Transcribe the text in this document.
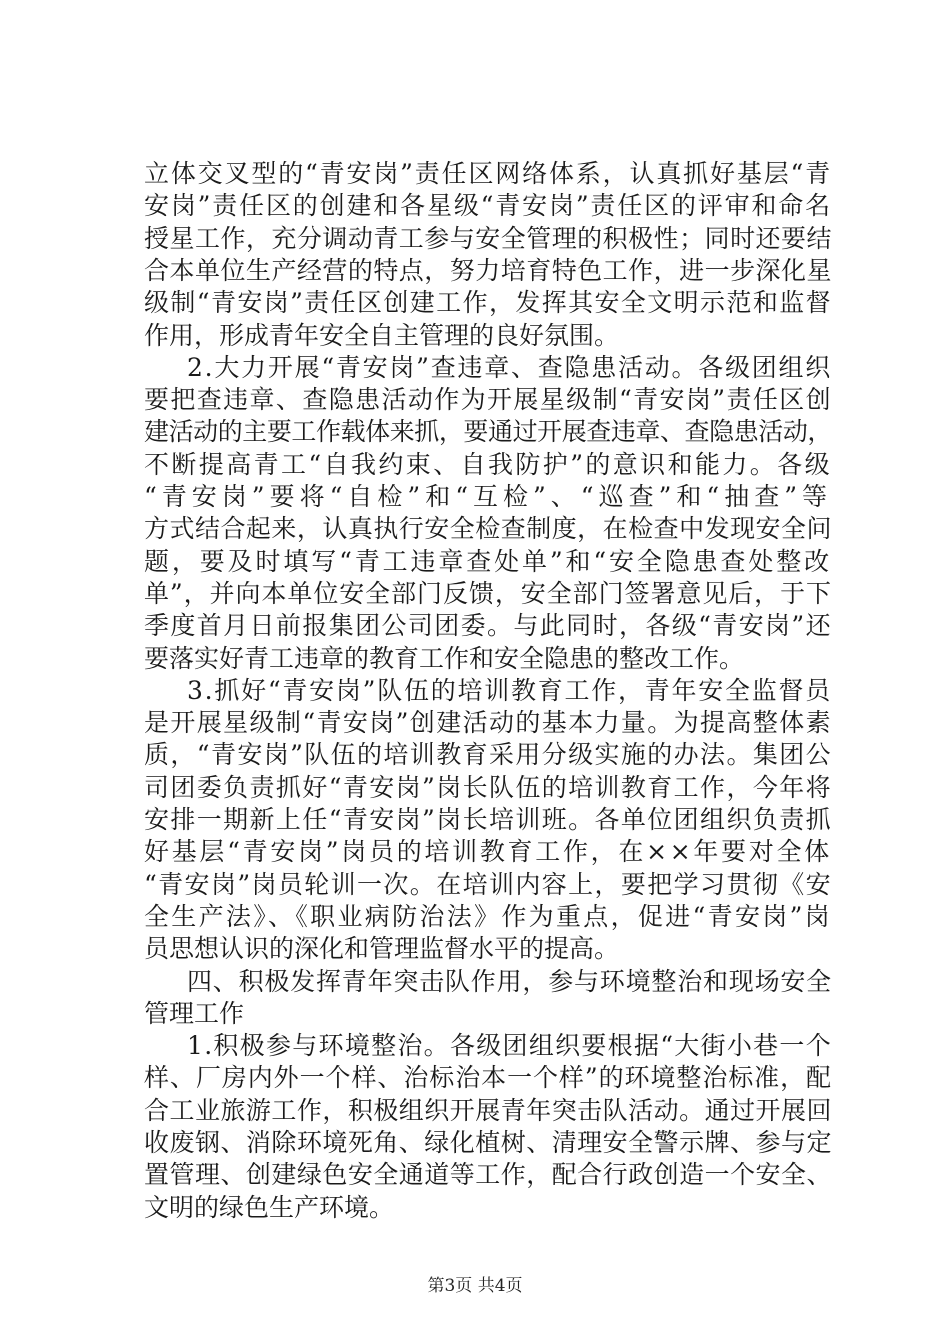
立体交叉型的“青安岗”责任区网络体系，认真抓好基层“青
安岗”责任区的创建和各星级“青安岗”责任区的评审和命名
授星工作，充分调动青工参与安全管理的积极性；同时还要结
合本单位生产经营的特点，努力培育特色工作，进一步深化星
级制“青安岗”责任区创建工作，发挥其安全文明示范和监督
作用，形成青年安全自主管理的良好氛围。
2.大力开展“青安岗”查违章、查隐患活动。各级团组织
要把查违章、查隐患活动作为开展星级制“青安岗”责任区创
建活动的主要工作载体来抓，要通过开展查违章、查隐患活动，
不断提高青工“自我约束、自我防护”的意识和能力。各级
“青安岗”要将“自检”和“互检”、“巡查”和“抽查”等
方式结合起来，认真执行安全检查制度，在检查中发现安全问
题，要及时填写“青工违章查处单”和“安全隐患查处整改
单”，并向本单位安全部门反馈，安全部门签署意见后，于下
季度首月日前报集团公司团委。与此同时，各级“青安岗”还
要落实好青工违章的教育工作和安全隐患的整改工作。
3.抓好“青安岗”队伍的培训教育工作，青年安全监督员
是开展星级制“青安岗”创建活动的基本力量。为提高整体素
质，“青安岗”队伍的培训教育采用分级实施的办法。集团公
司团委负责抓好“青安岗”岗长队伍的培训教育工作，今年将
安排一期新上任“青安岗”岗长培训班。各单位团组织负责抓
好基层“青安岗”岗员的培训教育工作，在××年要对全体
“青安岗”岗员轮训一次。在培训内容上，要把学习贯彻《安
全生产法》、《职业病防治法》作为重点，促进“青安岗”岗
员思想认识的深化和管理监督水平的提高。
四、积极发挥青年突击队作用，参与环境整治和现场安全
管理工作
1.积极参与环境整治。各级团组织要根据“大街小巷一个
样、厂房内外一个样、治标治本一个样”的环境整治标准，配
合工业旅游工作，积极组织开展青年突击队活动。通过开展回
收废钢、消除环境死角、绿化植树、清理安全警示牌、参与定
置管理、创建绿色安全通道等工作，配合行政创造一个安全、
文明的绿色生产环境。
第3页 共4页
